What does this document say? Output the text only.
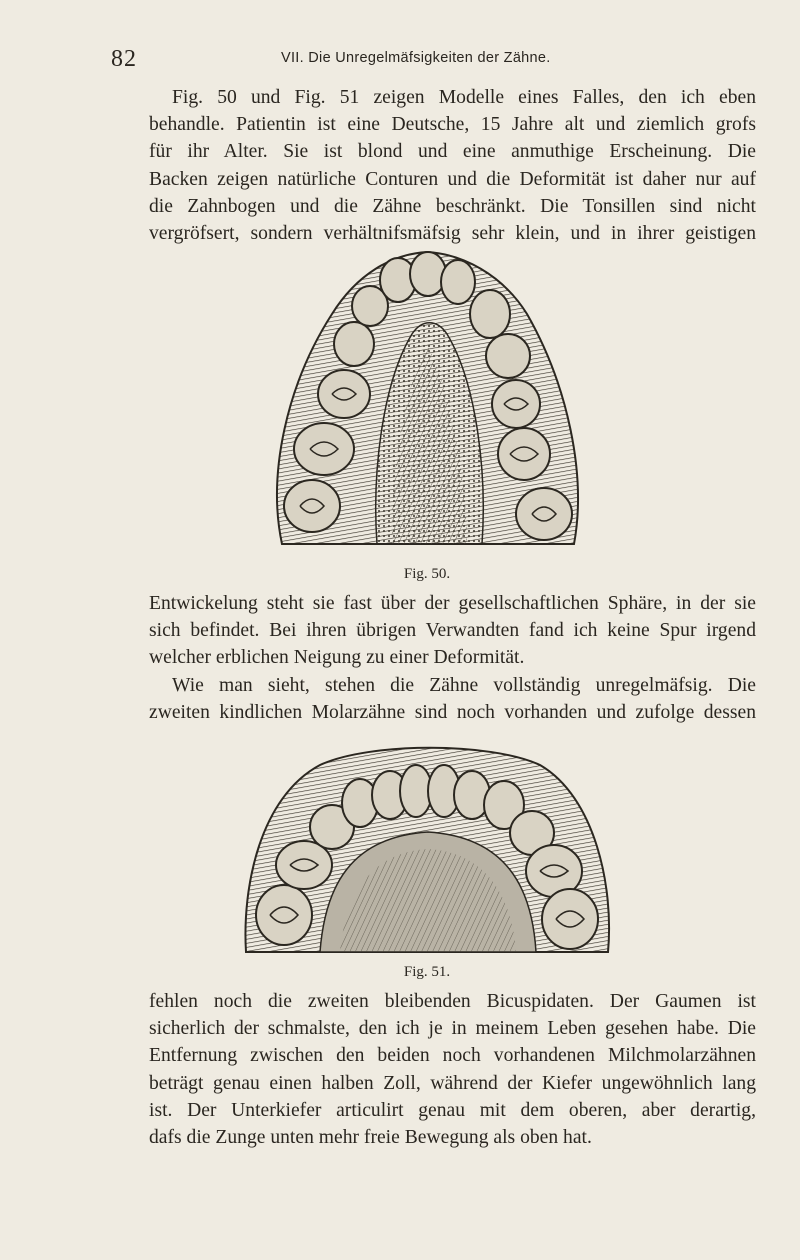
82	VII. Die Unregelmäfsigkeiten der Zähne.
Fig. 50 und Fig. 51 zeigen Modelle eines Falles, den ich eben
behandle. Patientin ist eine Deutsche, 15 Jahre alt und ziemlich grofs
für ihr Alter. Sie ist blond und eine anmuthige Erscheinung. Die
Backen zeigen natürliche Conturen und die Deformität ist daher nur auf
die Zahnbogen und die Zähne beschränkt. Die Tonsillen sind nicht
vergröfsert, sondern verhältnifsmäfsig sehr klein, und in ihrer geistigen
Fig. 50.
Entwickelung steht sie fast über der gesellschaftlichen Sphäre, in der sie
sich befindet. Bei ihren übrigen Verwandten fand ich keine Spur irgend
welcher erblichen Neigung zu einer Deformität.
Wie man sieht, stehen die Zähne vollständig unregelmäfsig. Die
zweiten kindlichen Molarzähne sind noch vorhanden und zufolge dessen
Fig. 51.
fehlen noch die zweiten bleibenden Bicuspidaten. Der Gaumen ist
sicherlich der schmalste, den ich je in meinem Leben gesehen habe. Die
Entfernung zwischen den beiden noch vorhandenen Milchmolarzähnen
beträgt genau einen halben Zoll, während der Kiefer ungewöhnlich lang
ist. Der Unterkiefer articulirt genau mit dem oberen, aber derartig,
dafs die Zunge unten mehr freie Bewegung als oben hat.
